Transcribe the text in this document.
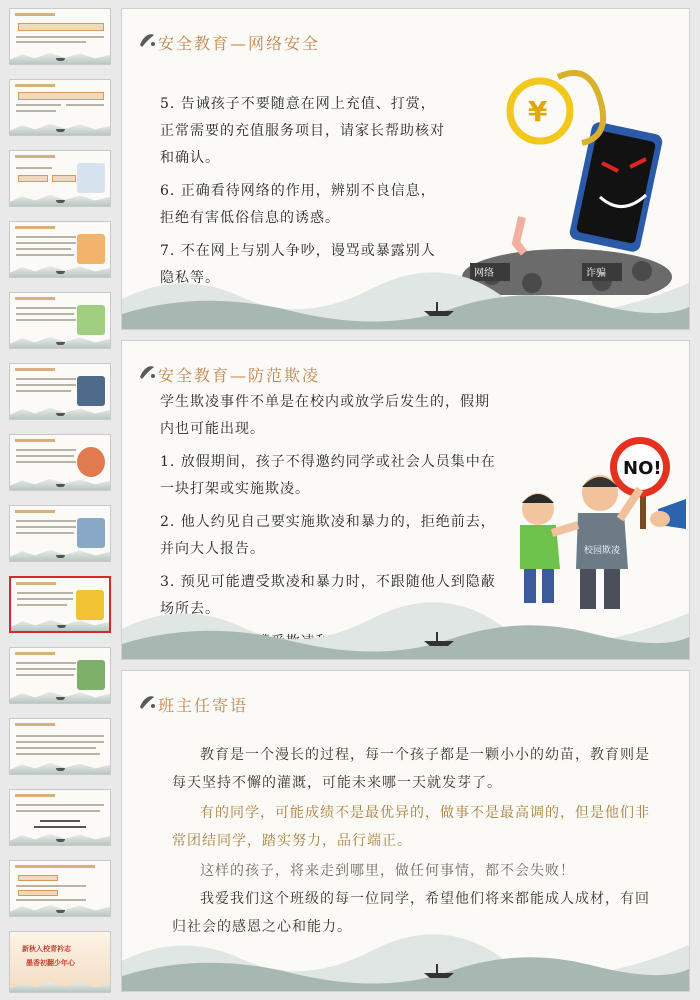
新秋入校青衿志
墨香初翻少年心
安全教育—网络安全

5. 告诫孩子不要随意在网上充值、打赏，正常需要的充值服务项目，请家长帮助核对和确认。

6. 正确看待网络的作用，辨别不良信息，拒绝有害低俗信息的诱惑。

7. 不在网上与别人争吵，谩骂或暴露别人隐私等。

¥
网络	诈骗
安全教育—防范欺凌

学生欺凌事件不单是在校内或放学后发生的，假期内也可能出现。

1. 放假期间，孩子不得邀约同学或社会人员集中在一块打架或实施欺凌。

2. 他人约见自己要实施欺凌和暴力的，拒绝前去，并向大人报告。

3. 预见可能遭受欺凌和暴力时，不跟随他人到隐蔽场所去。

NO!
校园欺凌
班主任寄语

教育是一个漫长的过程，每一个孩子都是一颗小小的幼苗，教育则是每天坚持不懈的灌溉，可能未来哪一天就发芽了。

有的同学，可能成绩不是最优异的，做事不是最高调的，但是他们非常团结同学，踏实努力，品行端正。

这样的孩子，将来走到哪里，做任何事情，都不会失败！

我爱我们这个班级的每一位同学，希望他们将来都能成人成材，有回归社会的感恩之心和能力。
